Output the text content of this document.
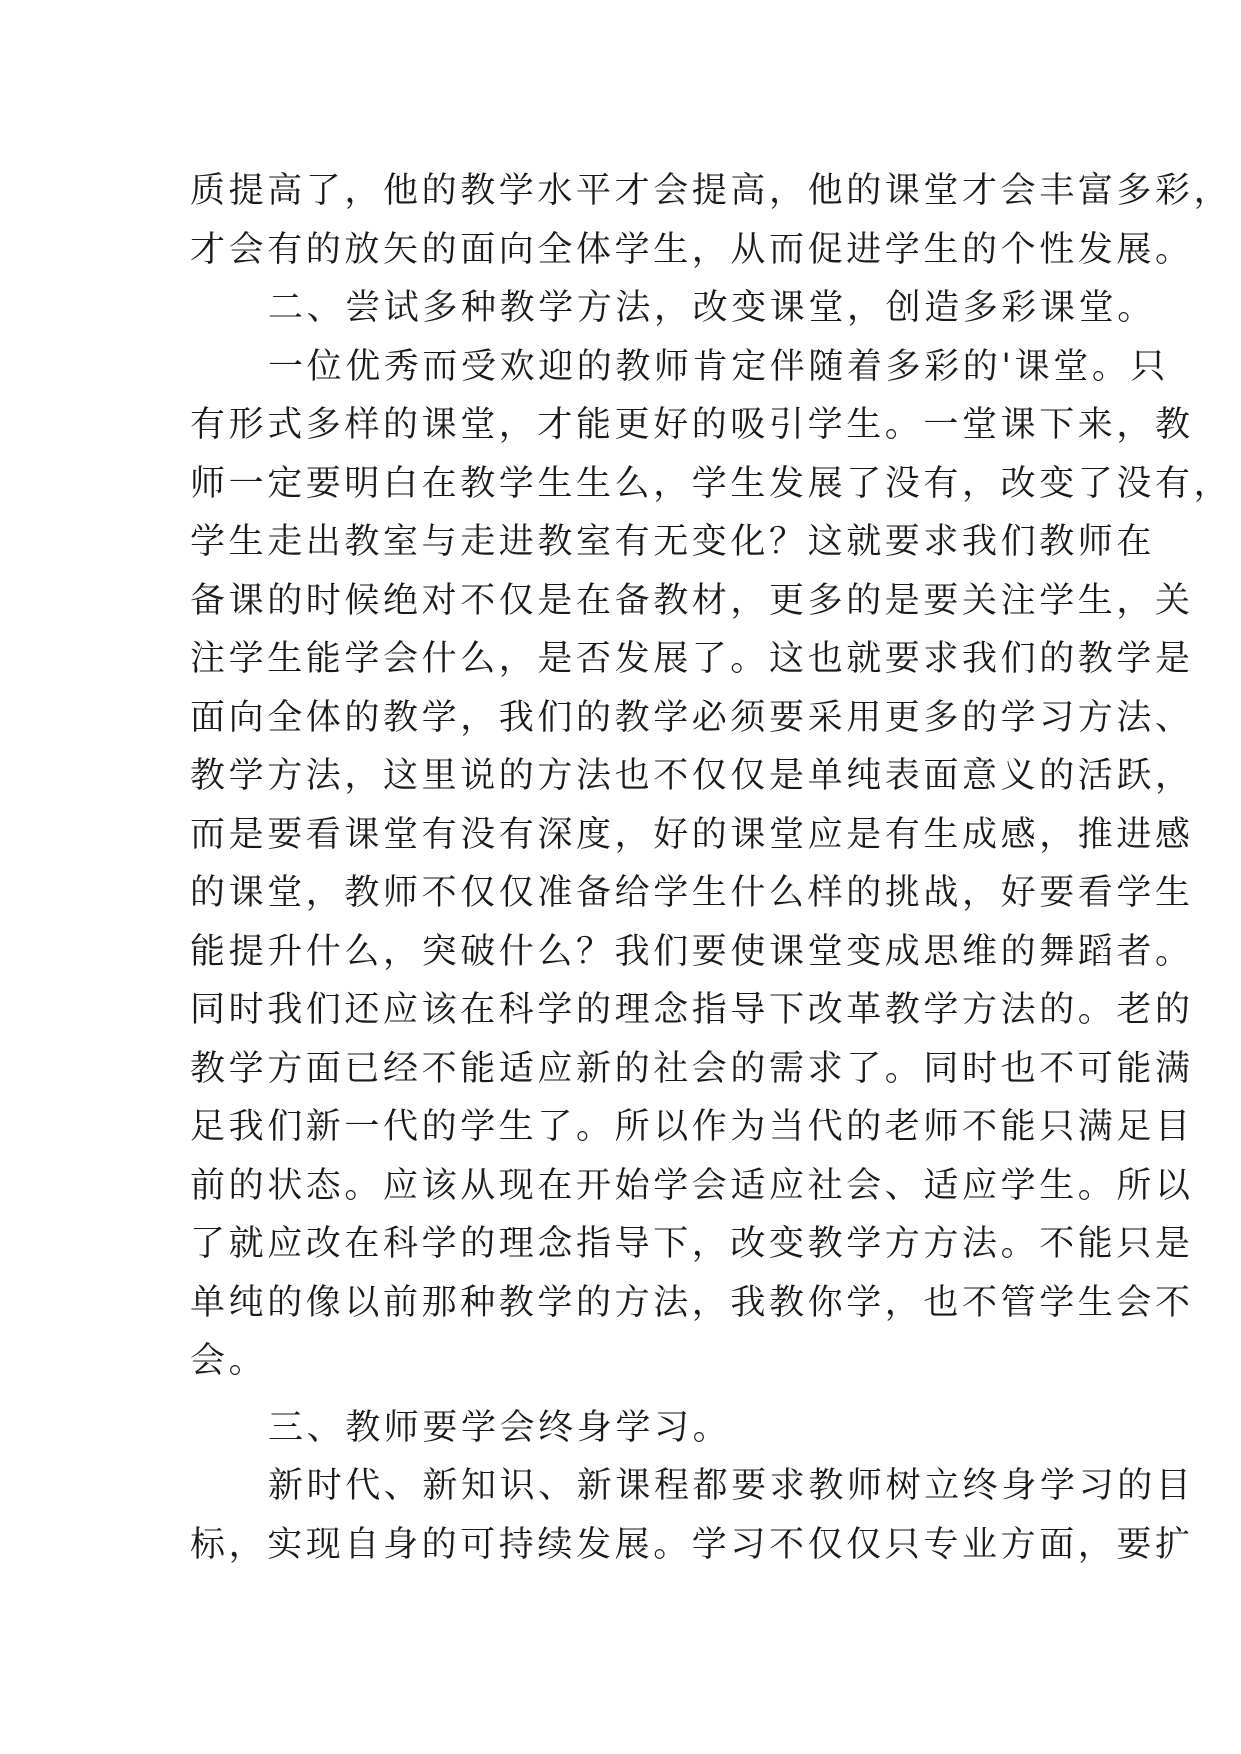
质提高了，他的教学水平才会提高，他的课堂才会丰富多彩，
才会有的放矢的面向全体学生，从而促进学生的个性发展。
二、尝试多种教学方法，改变课堂，创造多彩课堂。
一位优秀而受欢迎的教师肯定伴随着多彩的'课堂。只
有形式多样的课堂，才能更好的吸引学生。一堂课下来，教
师一定要明白在教学生生么，学生发展了没有，改变了没有，
学生走出教室与走进教室有无变化？这就要求我们教师在
备课的时候绝对不仅是在备教材，更多的是要关注学生，关
注学生能学会什么，是否发展了。这也就要求我们的教学是
面向全体的教学，我们的教学必须要采用更多的学习方法、
教学方法，这里说的方法也不仅仅是单纯表面意义的活跃，
而是要看课堂有没有深度，好的课堂应是有生成感，推进感
的课堂，教师不仅仅准备给学生什么样的挑战，好要看学生
能提升什么，突破什么？我们要使课堂变成思维的舞蹈者。
同时我们还应该在科学的理念指导下改革教学方法的。老的
教学方面已经不能适应新的社会的需求了。同时也不可能满
足我们新一代的学生了。所以作为当代的老师不能只满足目
前的状态。应该从现在开始学会适应社会、适应学生。所以
了就应改在科学的理念指导下，改变教学方方法。不能只是
单纯的像以前那种教学的方法，我教你学，也不管学生会不
会。
三、教师要学会终身学习。
新时代、新知识、新课程都要求教师树立终身学习的目
标，实现自身的可持续发展。学习不仅仅只专业方面，要扩
